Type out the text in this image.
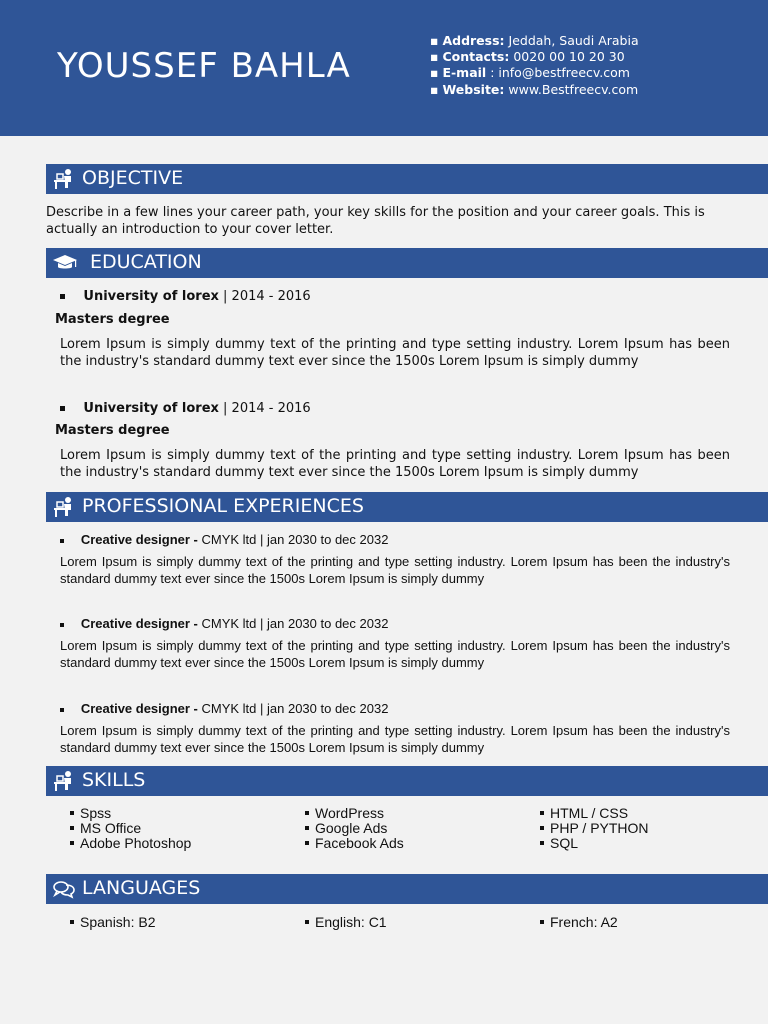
YOUSSEF BAHLA
▪ Address: Jeddah, Saudi Arabia
▪ Contacts: 0020 00 10 20 30
▪ E-mail : info@bestfreecv.com
▪ Website: www.Bestfreecv.com
OBJECTIVE
Describe in a few lines your career path, your key skills for the position and your career goals. This is actually an introduction to your cover letter.
EDUCATION
University of lorex | 2014 - 2016
Masters degree
Lorem Ipsum is simply dummy text of the printing and type setting industry. Lorem Ipsum has been the industry's standard dummy text ever since the 1500s Lorem Ipsum is simply dummy
University of lorex | 2014 - 2016
Masters degree
Lorem Ipsum is simply dummy text of the printing and type setting industry. Lorem Ipsum has been the industry's standard dummy text ever since the 1500s Lorem Ipsum is simply dummy
PROFESSIONAL EXPERIENCES
Creative designer - CMYK ltd | jan 2030 to dec 2032
Lorem Ipsum is simply dummy text of the printing and type setting industry. Lorem Ipsum has been the industry's standard dummy text ever since the 1500s Lorem Ipsum is simply dummy
Creative designer - CMYK ltd | jan 2030 to dec 2032
Lorem Ipsum is simply dummy text of the printing and type setting industry. Lorem Ipsum has been the industry's standard dummy text ever since the 1500s Lorem Ipsum is simply dummy
Creative designer - CMYK ltd | jan 2030 to dec 2032
Lorem Ipsum is simply dummy text of the printing and type setting industry. Lorem Ipsum has been the industry's standard dummy text ever since the 1500s Lorem Ipsum is simply dummy
SKILLS
Spss
MS Office
Adobe Photoshop
WordPress
Google Ads
Facebook Ads
HTML / CSS
PHP / PYTHON
SQL
LANGUAGES
Spanish: B2	English: C1	French: A2
